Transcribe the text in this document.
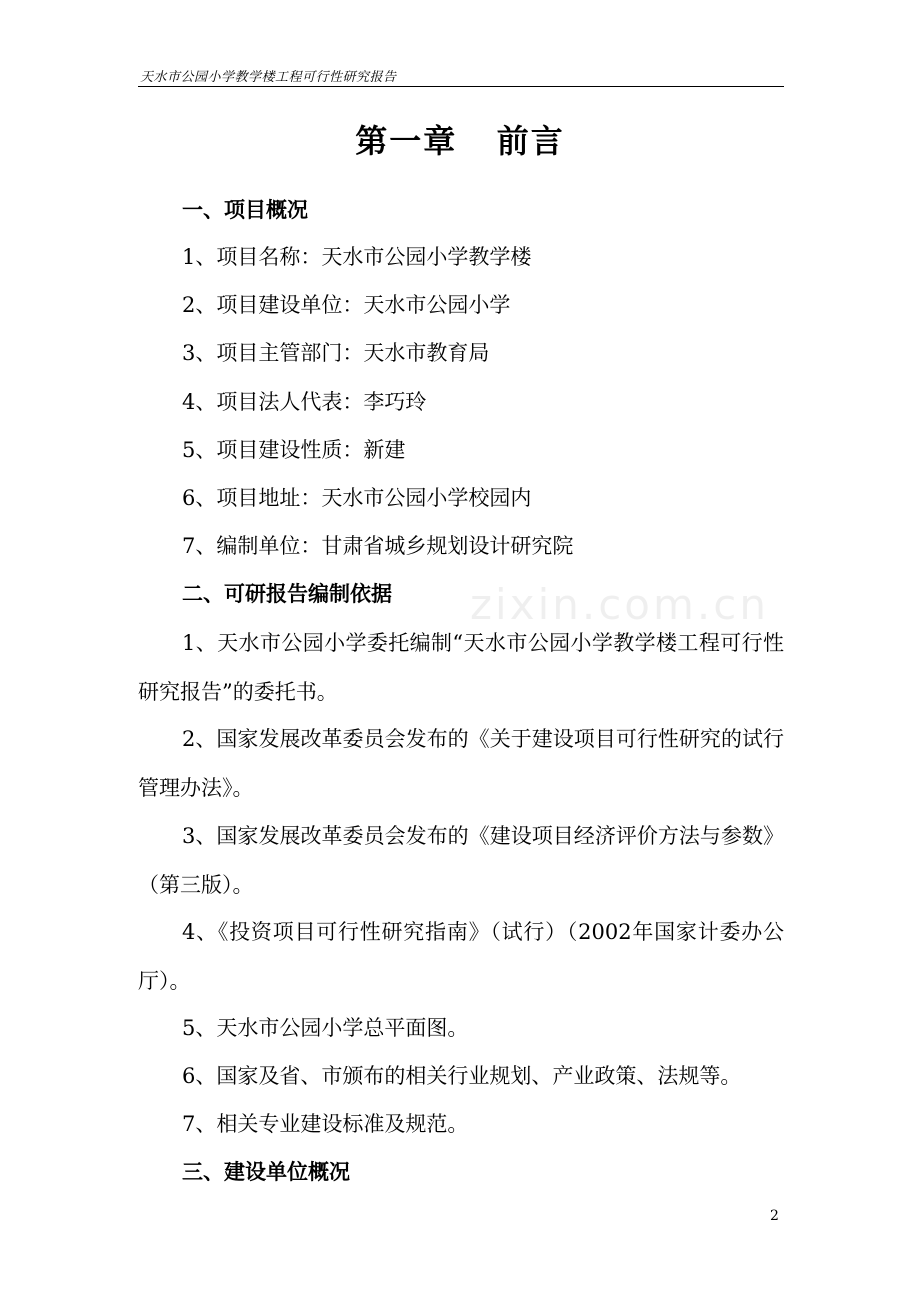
天水市公园小学教学楼工程可行性研究报告
第一章   前言
一、项目概况
1、项目名称：天水市公园小学教学楼
2、项目建设单位：天水市公园小学
3、项目主管部门：天水市教育局
4、项目法人代表：李巧玲
5、项目建设性质：新建
6、项目地址：天水市公园小学校园内
7、编制单位：甘肃省城乡规划设计研究院
二、可研报告编制依据
1、天水市公园小学委托编制“天水市公园小学教学楼工程可行性研究报告”的委托书。
2、国家发展改革委员会发布的《关于建设项目可行性研究的试行管理办法》。
3、国家发展改革委员会发布的《建设项目经济评价方法与参数》（第三版）。
4、《投资项目可行性研究指南》（试行）（2002年国家计委办公厅）。
5、天水市公园小学总平面图。
6、国家及省、市颁布的相关行业规划、产业政策、法规等。
7、相关专业建设标准及规范。
三、建设单位概况
zixin.com.cn
2
